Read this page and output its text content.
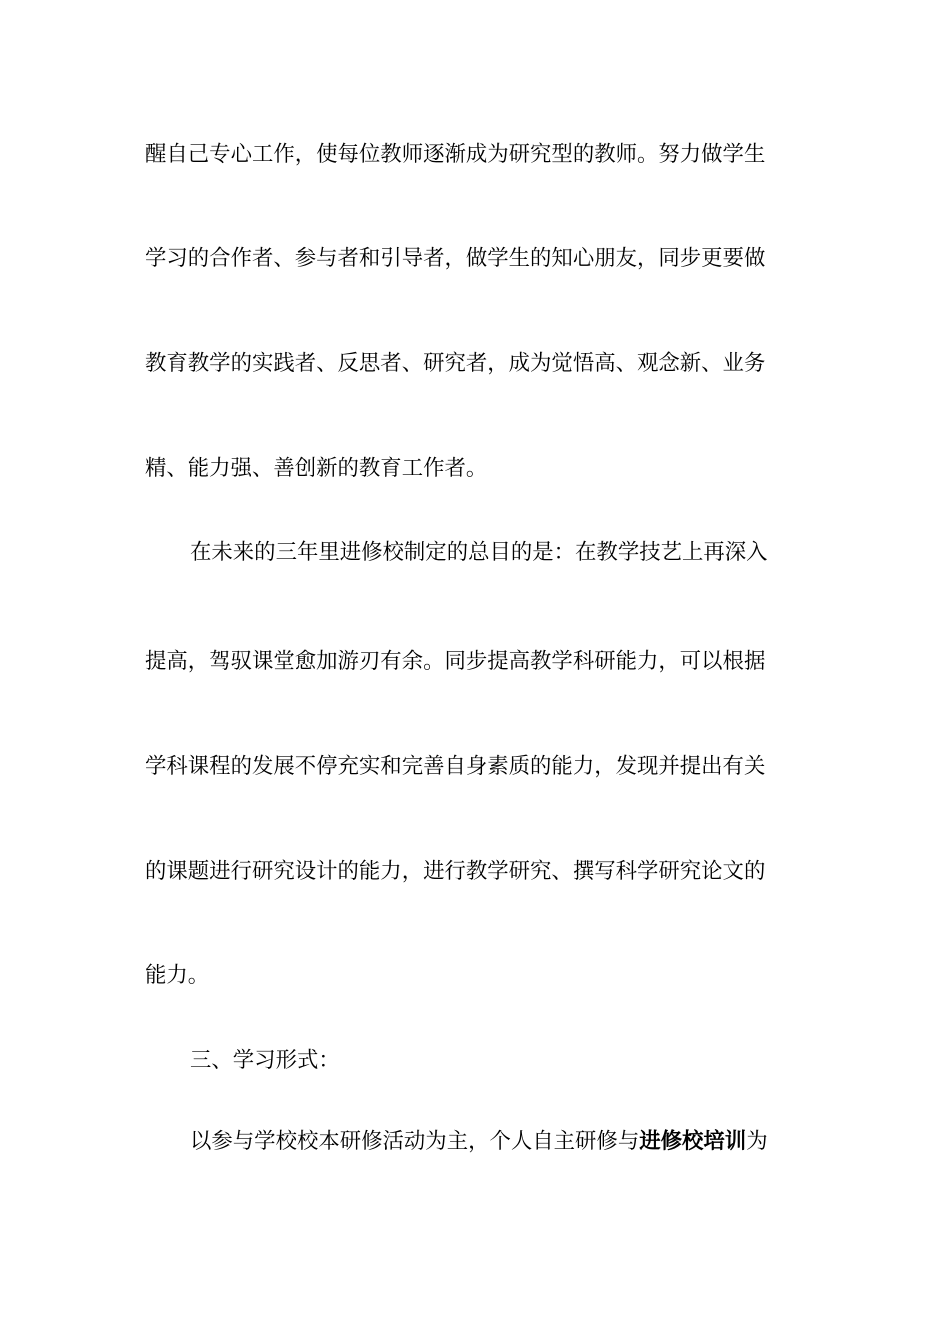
醒自己专心工作，使每位教师逐渐成为研究型的教师。努力做学生
学习的合作者、参与者和引导者，做学生的知心朋友，同步更要做
教育教学的实践者、反思者、研究者，成为觉悟高、观念新、业务
精、能力强、善创新的教育工作者。
在未来的三年里进修校制定的总目的是：在教学技艺上再深入
提高，驾驭课堂愈加游刃有余。同步提高教学科研能力，可以根据
学科课程的发展不停充实和完善自身素质的能力，发现并提出有关
的课题进行研究设计的能力，进行教学研究、撰写科学研究论文的
能力。
三、学习形式：
以参与学校校本研修活动为主，个人自主研修与进修校培训为
